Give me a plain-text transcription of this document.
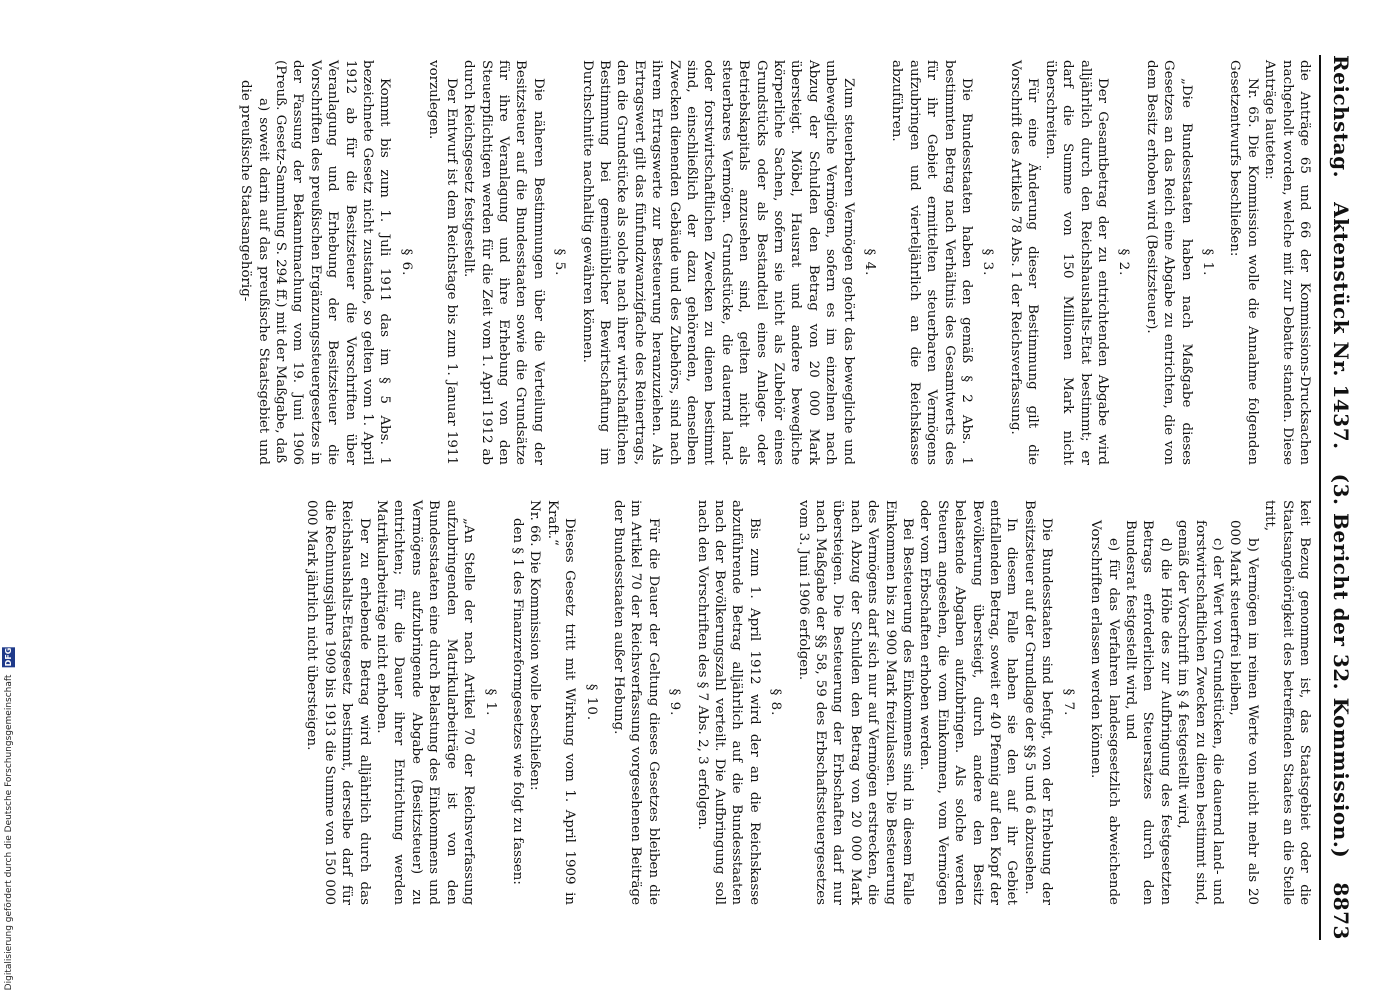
Reichstag.
Aktenstück Nr. 1437.
(3. Bericht der 32. Kommission.)
8873

die Anträge 65 und 66 der Kommissions-Drucksachen nachgeholt worden, welche mit zur Debatte standen. Diese Anträge lauteten:

Nr. 65. Die Kommission wolle die Annahme folgenden Gesetzentwurfs beschließen:

§ 1.

„Die Bundesstaaten haben nach Maßgabe dieses Gesetzes an das Reich eine Abgabe zu entrichten, die von dem Besitz erhoben wird (Besitzsteuer).

§ 2.

Der Gesamtbetrag der zu entrichtenden Abgabe wird alljährlich durch den Reichshaushalts-Etat bestimmt; er darf die Summe von 150 Millionen Mark nicht überschreiten.

Für eine Änderung dieser Bestimmung gilt die Vorschrift des Artikels 78 Abs. 1 der Reichsverfassung.

§ 3.

Die Bundesstaaten haben den gemäß § 2 Abs. 1 bestimmten Betrag nach Verhältnis des Gesamtwerts des für ihr Gebiet ermittelten steuerbaren Vermögens aufzubringen und vierteljährlich an die Reichskasse abzuführen.

§ 4.

Zum steuerbaren Vermögen gehört das bewegliche und unbewegliche Vermögen, sofern es im einzelnen nach Abzug der Schulden den Betrag von 20 000 Mark übersteigt. Möbel, Hausrat und andere bewegliche körperliche Sachen, sofern sie nicht als Zubehör eines Grundstücks oder als Bestandteil eines Anlage- oder Betriebskapitals anzusehen sind, gelten nicht als steuerbares Vermögen. Grundstücke, die dauernd land- oder forstwirtschaftlichen Zwecken zu dienen bestimmt sind, einschließlich der dazu gehörenden, denselben Zwecken dienenden Gebäude und des Zubehörs, sind nach ihrem Ertragswerte zur Besteuerung heranzuziehen. Als Ertragswert gilt das fünfundzwanzigfache des Reinertrags, den die Grundstücke als solche nach ihrer wirtschaftlichen Bestimmung bei gemeinüblicher Bewirtschaftung im Durchschnitte nachhaltig gewähren können.

§ 5.

Die näheren Bestimmungen über die Verteilung der Besitzsteuer auf die Bundesstaaten sowie die Grundsätze für ihre Veranlagung und ihre Erhebung von den Steuerpflichtigen werden für die Zeit vom 1. April 1912 ab durch Reichsgesetz festgestellt.

Der Entwurf ist dem Reichstage bis zum 1. Januar 1911 vorzulegen.

§ 6.

Kommt bis zum 1. Juli 1911 das im § 5 Abs. 1 bezeichnete Gesetz nicht zustande, so gelten vom 1. April 1912 ab für die Besitzsteuer die Vorschriften über Veranlagung und Erhebung der Besitzsteuer die Vorschriften des preußischen Ergänzungssteuergesetzes in der Fassung der Bekanntmachung vom 19. Juni 1906 (Preuß. Gesetz-Sammlung S. 294 ff.) mit der Maßgabe, daß

a) soweit darin auf das preußische Staatsgebiet und die preußische Staatsangehörig-

keit Bezug genommen ist, das Staatsgebiet oder die Staatsangehörigkeit des betreffenden Staates an die Stelle tritt,

b) Vermögen im reinen Werte von nicht mehr als 20 000 Mark steuerfrei bleiben,

c) der Wert von Grundstücken, die dauernd land- und forstwirtschaftlichen Zwecken zu dienen bestimmt sind, gemäß der Vorschrift im § 4 festgestellt wird,

d) die Höhe des zur Aufbringung des festgesetzten Betrags erforderlichen Steuersatzes durch den Bundesrat festgestellt wird, und

e) für das Verfahren landesgesetzlich abweichende Vorschriften erlassen werden können.

§ 7.

Die Bundesstaaten sind befugt, von der Erhebung der Besitzsteuer auf der Grundlage der §§ 5 und 6 abzusehen.

In diesem Falle haben sie den auf ihr Gebiet entfallenden Betrag, soweit er 40 Pfennig auf den Kopf der Bevölkerung übersteigt, durch andere den Besitz belastende Abgaben aufzubringen. Als solche werden Steuern angesehen, die vom Einkommen, vom Vermögen oder vom Erbschaften erhoben werden.

Bei Besteuerung des Einkommens sind in diesem Falle Einkommen bis zu 900 Mark freizulassen. Die Besteuerung des Vermögens darf sich nur auf Vermögen erstrecken, die nach Abzug der Schulden den Betrag von 20 000 Mark übersteigen. Die Besteuerung der Erbschaften darf nur nach Maßgabe der §§ 58, 59 des Erbschaftssteuergesetzes vom 3. Juni 1906 erfolgen.

§ 8.

Bis zum 1. April 1912 wird der an die Reichskasse abzuführende Betrag alljährlich auf die Bundesstaaten nach der Bevölkerungszahl verteilt. Die Aufbringung soll nach den Vorschriften des § 7 Abs. 2, 3 erfolgen.

§ 9.

Für die Dauer der Geltung dieses Gesetzes bleiben die im Artikel 70 der Reichsverfassung vorgesehenen Beiträge der Bundesstaaten außer Hebung.

§ 10.

Dieses Gesetz tritt mit Wirkung vom 1. April 1909 in Kraft.“

Nr. 66. Die Kommission wolle beschließen:

den § 1 des Finanzreformgesetzes wie folgt zu fassen:

§ 1.

„An Stelle der nach Artikel 70 der Reichsverfassung aufzubringenden Matrikularbeiträge ist von den Bundesstaaten eine durch Belastung des Einkommens und Vermögens aufzubringende Abgabe (Besitzsteuer) zu entrichten; für die Dauer ihrer Entrichtung werden Matrikularbeiträge nicht erhoben.

Der zu erhebende Betrag wird alljährlich durch das Reichshaushalts-Etatsgesetz bestimmt, derselbe darf für die Rechnungsjahre 1909 bis 1913 die Summe von 150 000 000 Mark jährlich nicht übersteigen.

Digitalisierung gefördert durch die Deutsche Forschungsgemeinschaft DFG
